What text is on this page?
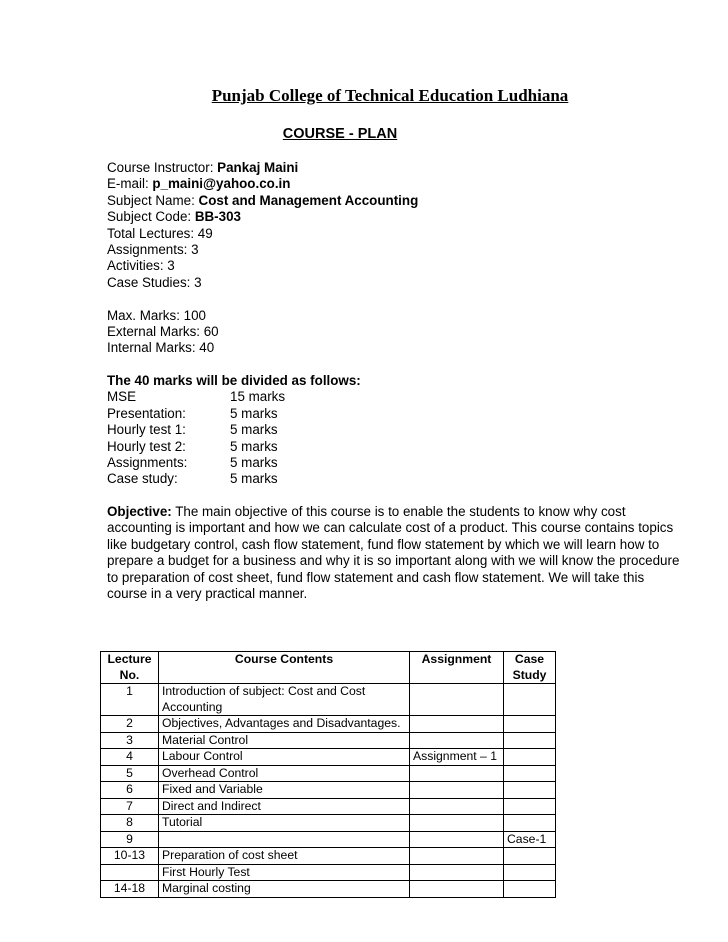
Punjab College of Technical Education Ludhiana
COURSE - PLAN
Course Instructor: Pankaj Maini
E-mail: p_maini@yahoo.co.in
Subject Name: Cost and Management Accounting
Subject Code: BB-303
Total Lectures: 49
Assignments: 3
Activities: 3
Case Studies: 3
Max. Marks: 100
External Marks: 60
Internal Marks: 40
The 40 marks will be divided as follows:
MSE	15 marks
Presentation:	5 marks
Hourly test 1:	5 marks
Hourly test 2:	5 marks
Assignments:	5 marks
Case study:	5 marks
Objective: The main objective of this course is to enable the students to know why cost accounting is important and how we can calculate cost of a product. This course contains topics like budgetary control, cash flow statement, fund flow statement by which we will learn how to prepare a budget for a business and why it is so important along with we will know the procedure to preparation of cost sheet, fund flow statement and cash flow statement. We will take this course in a very practical manner.
Lecture No.	Course Contents	Assignment	Case Study
1	Introduction of subject: Cost and Cost Accounting		
2	Objectives, Advantages and Disadvantages.		
3	Material Control		
4	Labour Control	Assignment – 1	
5	Overhead Control		
6	Fixed and Variable		
7	Direct and Indirect		
8	Tutorial		
9			Case-1
10-13	Preparation of cost sheet		
	First Hourly Test		
14-18	Marginal costing		
